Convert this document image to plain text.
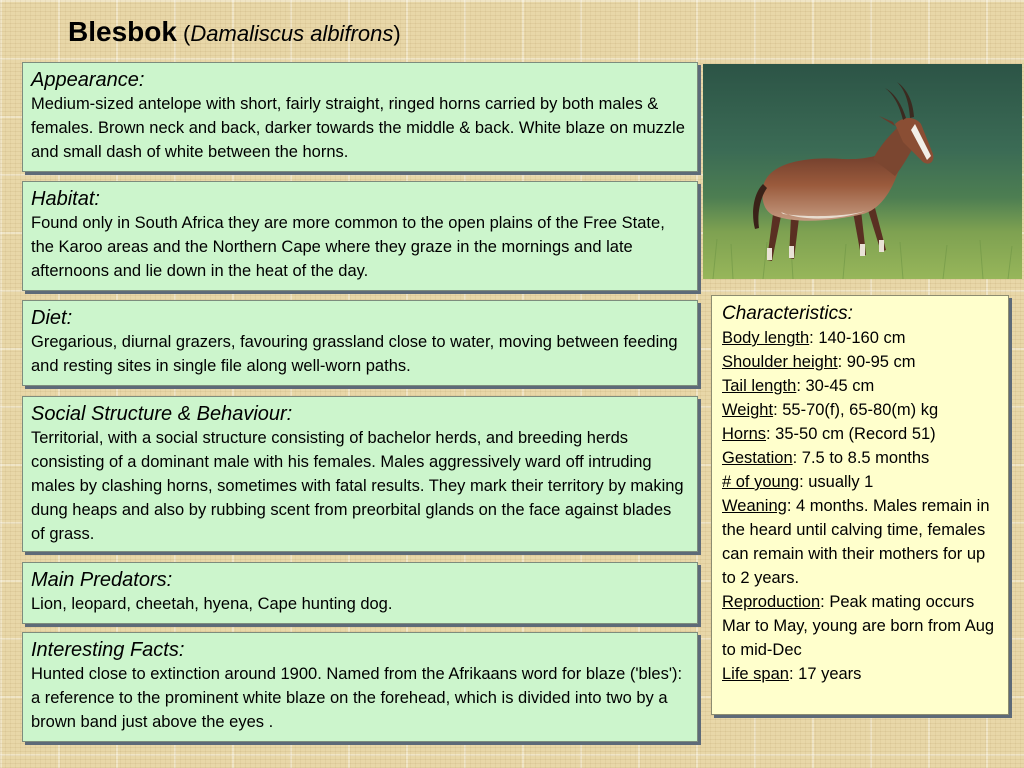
Blesbok (Damaliscus albifrons)
Appearance:

Medium-sized antelope with short, fairly straight, ringed horns carried by both males & females. Brown neck and back, darker towards the middle & back. White blaze on muzzle and small dash of white between the horns.

Habitat:

Found only in South Africa they are more common to the open plains of the Free State, the Karoo areas and the Northern Cape where they graze in the mornings and late afternoons and lie down in the heat of the day.

Diet:

Gregarious, diurnal grazers, favouring grassland close to water, moving between feeding and resting sites in single file along well-worn paths.

Social Structure & Behaviour:

Territorial, with a social structure consisting of bachelor herds, and breeding herds consisting of a dominant male with his females. Males aggressively ward off intruding males by clashing horns, sometimes with fatal results. They mark their territory by making dung heaps and also by rubbing scent from preorbital glands on the face against blades of grass.

Main Predators:

Lion, leopard, cheetah, hyena, Cape hunting dog.

Interesting Facts:

Hunted close to extinction around 1900. Named from the Afrikaans word for blaze ('bles'): a reference to the prominent white blaze on the forehead, which is divided into two by a brown band just above the eyes .

Characteristics:
Body length: 140-160 cm
Shoulder height: 90-95 cm
Tail length: 30-45 cm
Weight: 55-70(f), 65-80(m) kg
Horns: 35-50 cm (Record 51)
Gestation: 7.5 to 8.5 months
# of young: usually 1
Weaning: 4 months. Males remain in the heard until calving time, females can remain with their mothers for up to 2 years.
Reproduction: Peak mating occurs Mar to May, young are born from Aug to mid-Dec
Life span: 17 years
